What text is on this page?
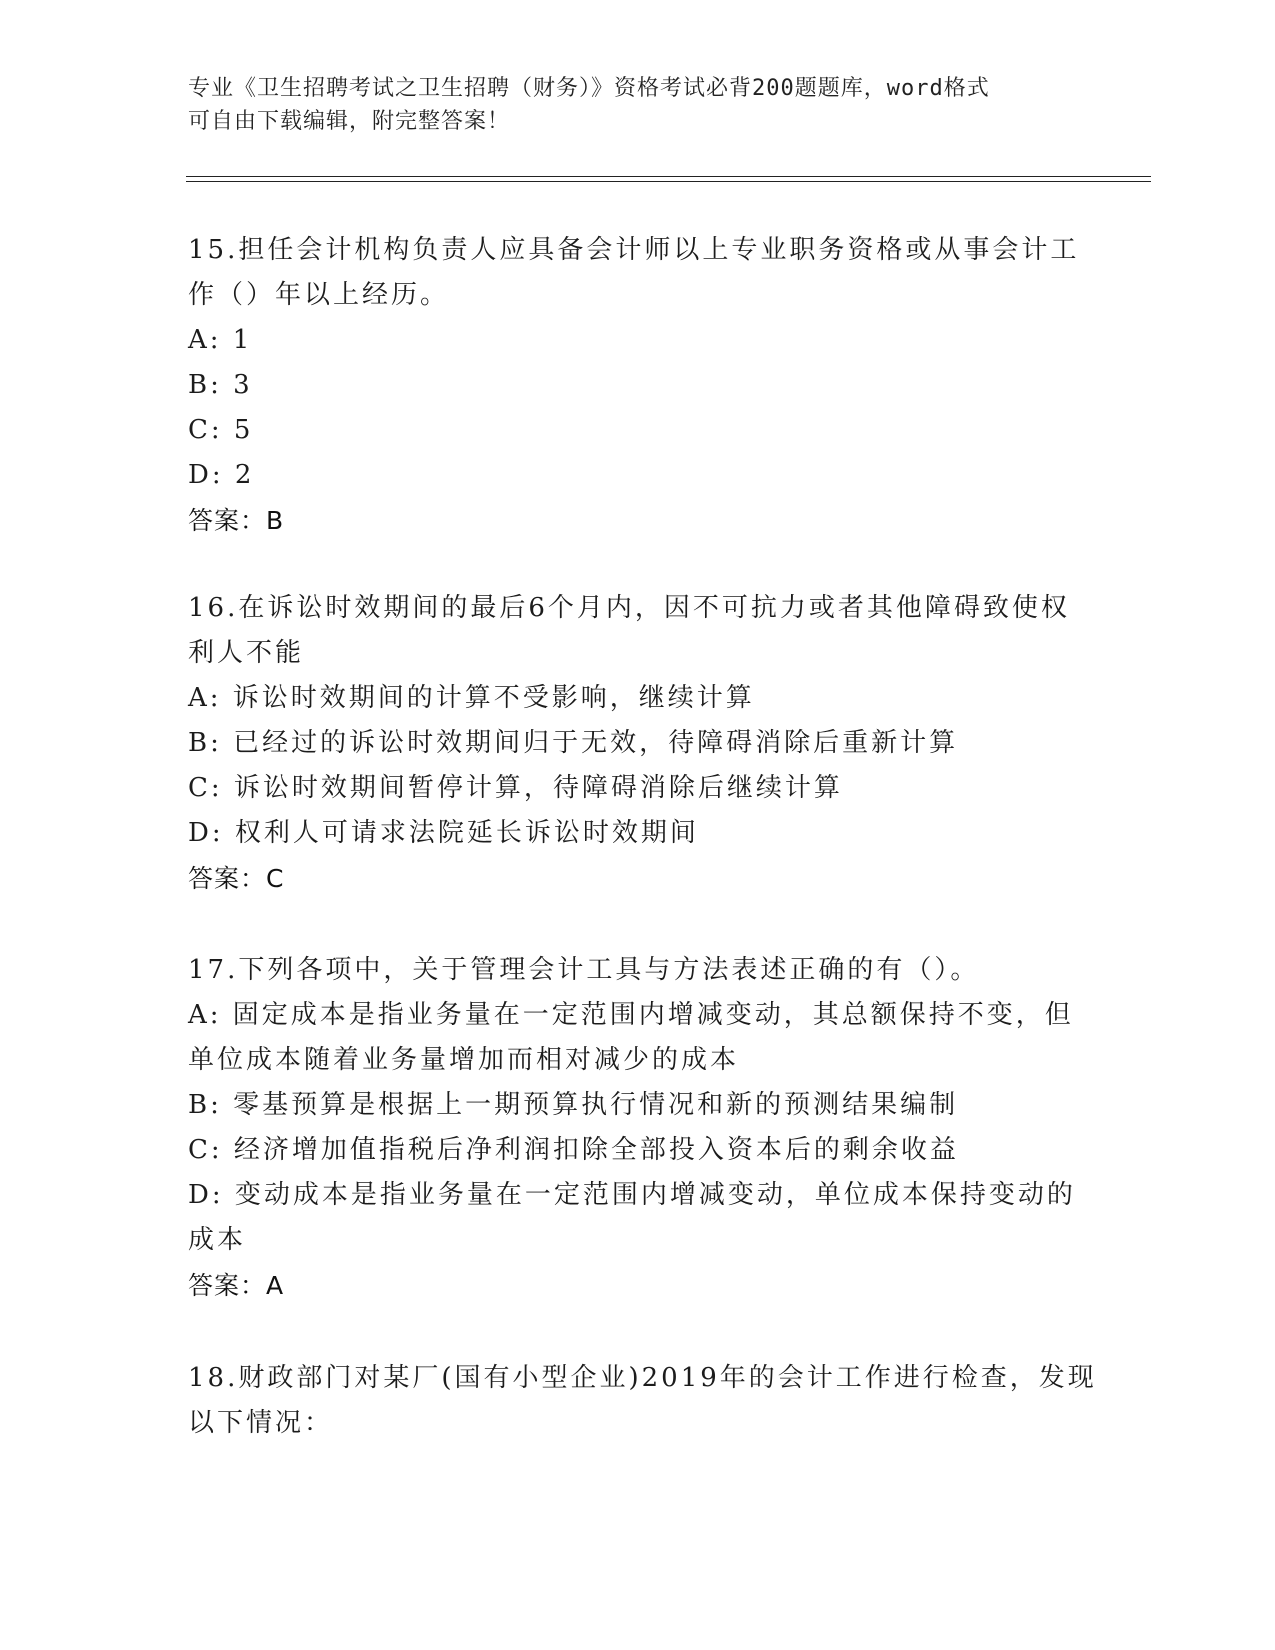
专业《卫生招聘考试之卫生招聘（财务）》资格考试必背200题题库，word格式
可自由下载编辑，附完整答案！
15.担任会计机构负责人应具备会计师以上专业职务资格或从事会计工
作（）年以上经历。
A: 1
B: 3
C: 5
D: 2
答案：B
16.在诉讼时效期间的最后6个月内，因不可抗力或者其他障碍致使权
利人不能
A: 诉讼时效期间的计算不受影响，继续计算
B: 已经过的诉讼时效期间归于无效，待障碍消除后重新计算
C: 诉讼时效期间暂停计算，待障碍消除后继续计算
D: 权利人可请求法院延长诉讼时效期间
答案：C
17.下列各项中，关于管理会计工具与方法表述正确的有（）。
A: 固定成本是指业务量在一定范围内增减变动，其总额保持不变，但
单位成本随着业务量增加而相对减少的成本
B: 零基预算是根据上一期预算执行情况和新的预测结果编制
C: 经济增加值指税后净利润扣除全部投入资本后的剩余收益
D: 变动成本是指业务量在一定范围内增减变动，单位成本保持变动的
成本
答案：A
18.财政部门对某厂(国有小型企业)2019年的会计工作进行检查，发现
以下情况：
